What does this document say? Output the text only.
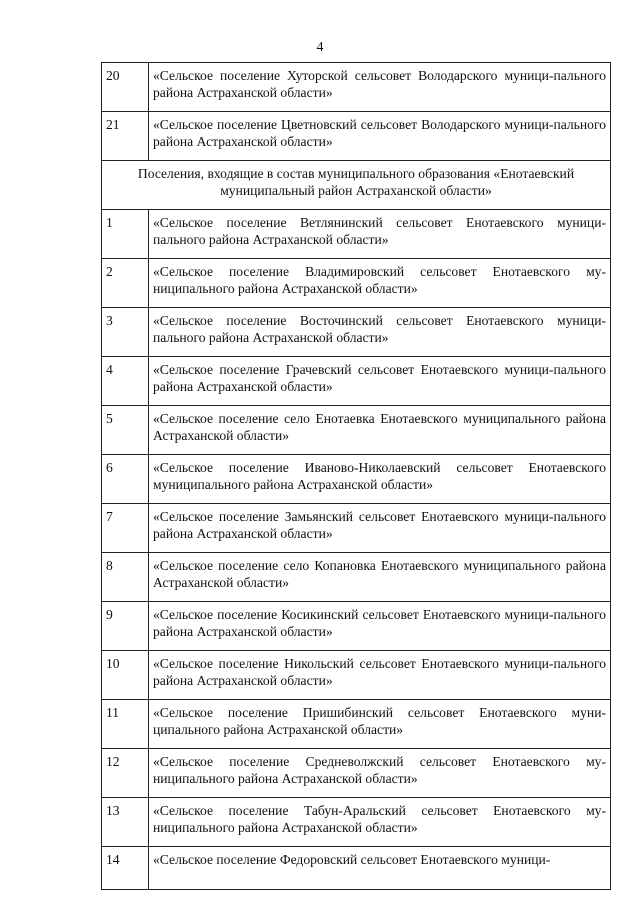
4
20	«Сельское поселение Хуторской сельсовет Володарского муници-пального района Астраханской области»
21	«Сельское поселение Цветновский сельсовет Володарского муници-пального района Астраханской области»
Поселения, входящие в состав муниципального образования «Енотаевский муниципальный район Астраханской области»	
1	«Сельское поселение Ветлянинский сельсовет Енотаевского муници-пального района Астраханской области»
2	«Сельское поселение Владимировский сельсовет Енотаевского му-ниципального района Астраханской области»
3	«Сельское поселение Восточинский сельсовет Енотаевского муници-пального района Астраханской области»
4	«Сельское поселение Грачевский сельсовет Енотаевского муници-пального района Астраханской области»
5	«Сельское поселение село Енотаевка Енотаевского муниципального района Астраханской области»
6	«Сельское поселение Ивановo-Николаевский сельсовет Енотаевского муниципального района Астраханской области»
7	«Сельское поселение Замьянский сельсовет Енотаевского муници-пального района Астраханской области»
8	«Сельское поселение село Копановка Енотаевского муниципального района Астраханской области»
9	«Сельское поселение Косикинский сельсовет Енотаевского муници-пального района Астраханской области»
10	«Сельское поселение Никольский сельсовет Енотаевского муници-пального района Астраханской области»
11	«Сельское поселение Пришибинский сельсовет Енотаевского муни-ципального района Астраханской области»
12	«Сельское поселение Средневолжский сельсовет Енотаевского му-ниципального района Астраханской области»
13	«Сельское поселение Табун-Аральский сельсовет Енотаевского му-ниципального района Астраханской области»
14	«Сельское поселение Федоровский сельсовет Енотаевского муници-
